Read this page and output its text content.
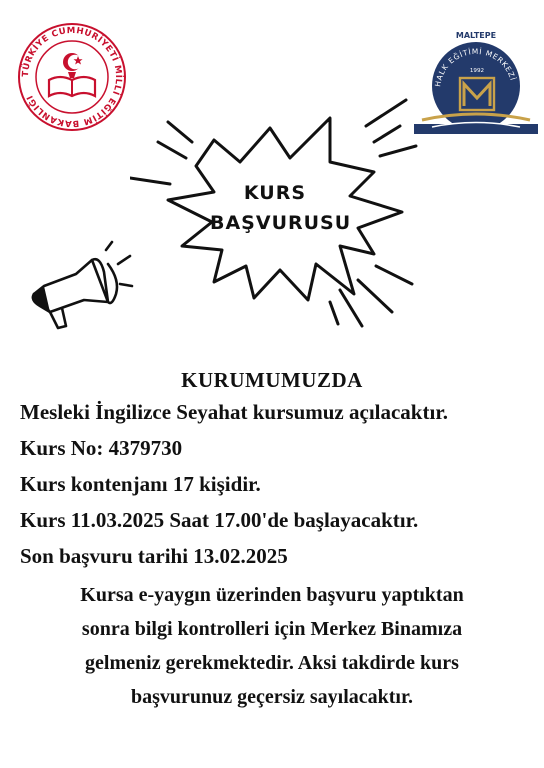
TÜRKİYE CUMHURİYETİ MİLLİ EĞİTİM BAKANLIĞI
MALTEPE
HALK EĞİTİMİ MERKEZİ
1992
KURS
BAŞVURUSU
KURUMUMUZDA
Mesleki İngilizce Seyahat kursumuz açılacaktır.
Kurs No: 4379730
Kurs kontenjanı 17 kişidir.
Kurs 11.03.2025 Saat 17.00'de başlayacaktır.
Son başvuru tarihi 13.02.2025
Kursa e-yaygın üzerinden başvuru yaptıktan
sonra bilgi kontrolleri için Merkez Binamıza
gelmeniz gerekmektedir. Aksi takdirde kurs
başvurunuz geçersiz sayılacaktır.
